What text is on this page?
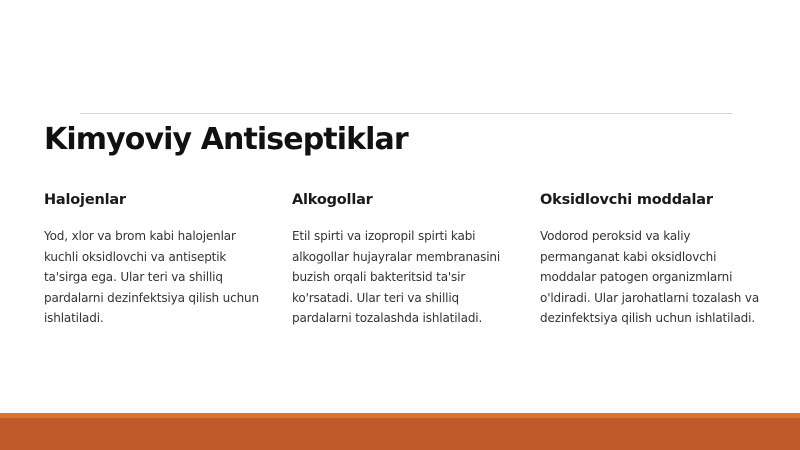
Kimyoviy Antiseptiklar
Halojenlar

Yod, xlor va brom kabi halojenlar kuchli oksidlovchi va antiseptik ta'sirga ega. Ular teri va shilliq pardalarni dezinfektsiya qilish uchun ishlatiladi.

Alkogollar

Etil spirti va izopropil spirti kabi alkogollar hujayralar membranasini buzish orqali bakteritsid ta'sir ko'rsatadi. Ular teri va shilliq pardalarni tozalashda ishlatiladi.

Oksidlovchi moddalar

Vodorod peroksid va kaliy permanganat kabi oksidlovchi moddalar patogen organizmlarni o'ldiradi. Ular jarohatlarni tozalash va dezinfektsiya qilish uchun ishlatiladi.
